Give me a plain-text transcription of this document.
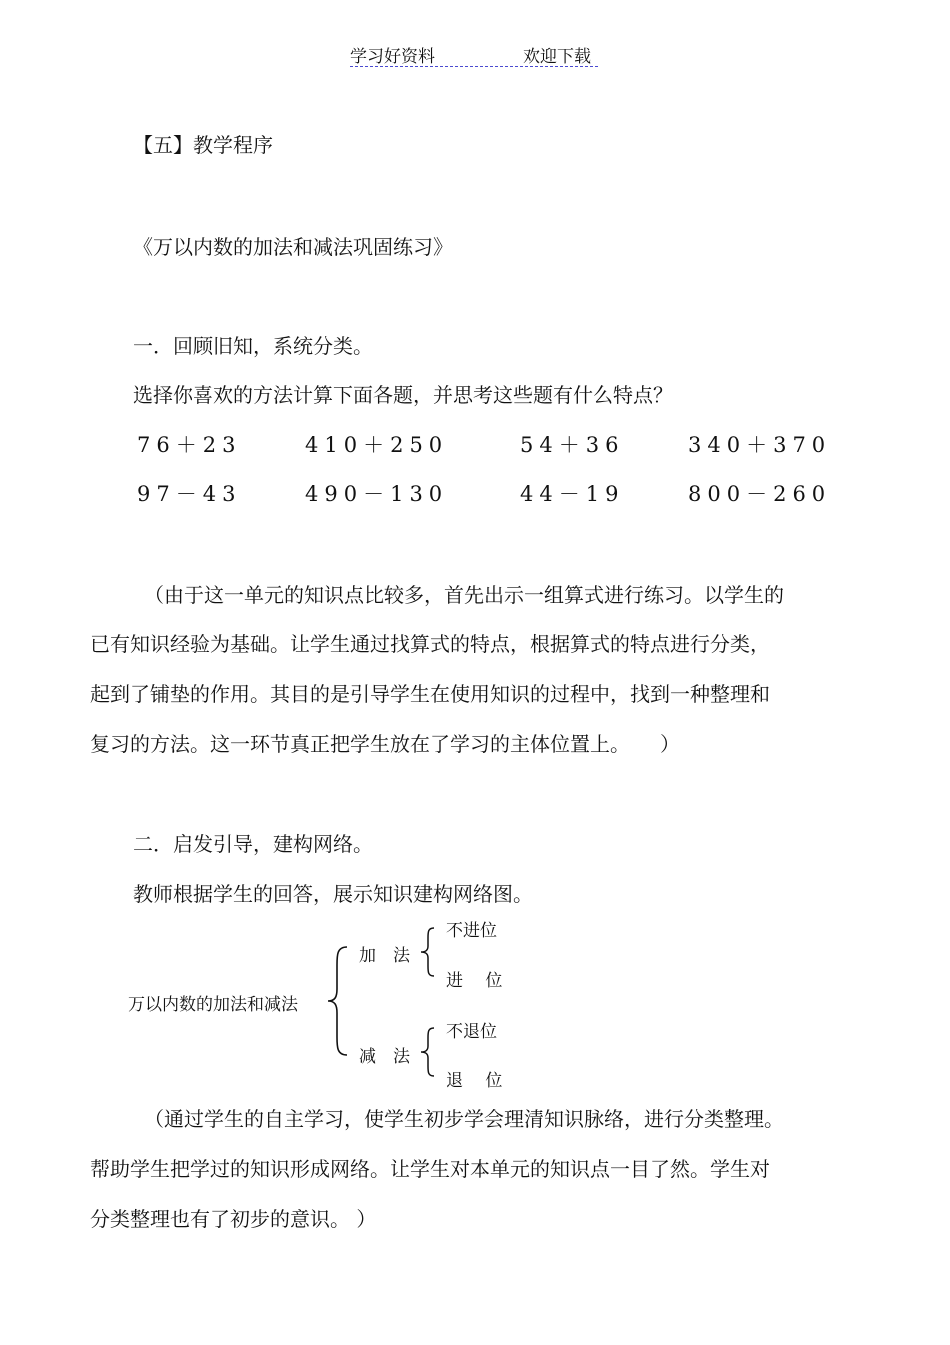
学习好资料	欢迎下载
【五】教学程序
《万以内数的加法和减法巩固练习》
一．回顾旧知，系统分类。
选择你喜欢的方法计算下面各题，并思考这些题有什么特点？
76＋23	410＋250	54＋36	340＋370
97－43	490－130	44－19	800－260
（由于这一单元的知识点比较多，首先出示一组算式进行练习。以学生的
已有知识经验为基础。让学生通过找算式的特点，根据算式的特点进行分类，
起到了铺垫的作用。其目的是引导学生在使用知识的过程中，找到一种整理和
复习的方法。这一环节真正把学生放在了学习的主体位置上。　　）
二．启发引导，建构网络。
教师根据学生的回答，展示知识建构网络图。
万以内数的加法和减法
加　法
不进位
进　 位
减　法
不退位
退　 位
（通过学生的自主学习，使学生初步学会理清知识脉络，进行分类整理。
帮助学生把学过的知识形成网络。让学生对本单元的知识点一目了然。学生对
分类整理也有了初步的意识。 ）
